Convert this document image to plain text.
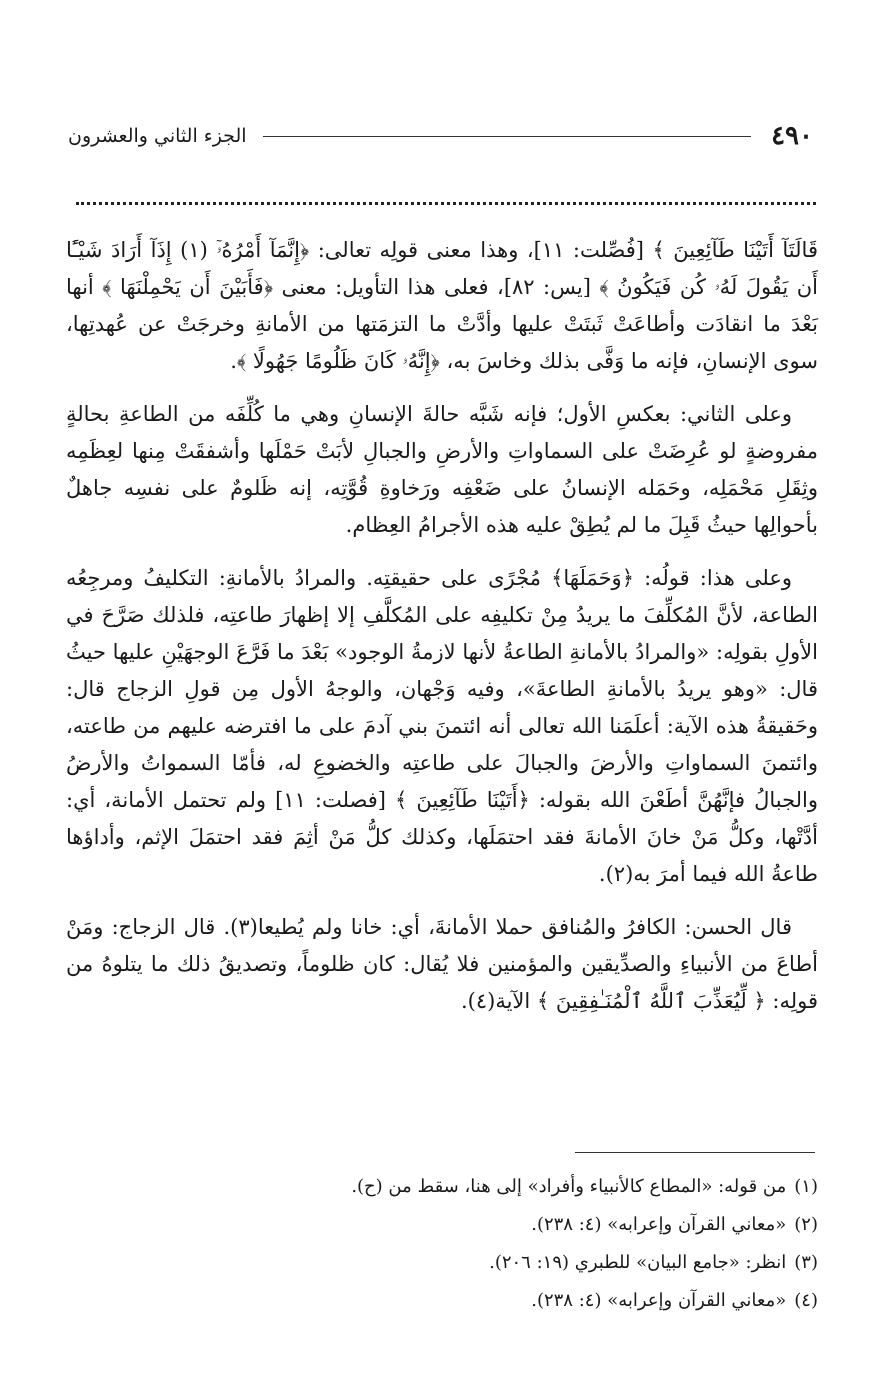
٤٩٠
الجزء الثاني والعشرون

قَالَتَآ أَتَيْنَا طَآئِعِينَ ﴾ [فُصِّلت: ١١]، وهذا معنى قولِه تعالى: ﴿إِنَّمَآ أَمْرُهُۥٓ (١) إِذَآ أَرَادَ شَيْـًٔا أَن يَقُولَ لَهُۥ كُن فَيَكُونُ ﴾ [يس: ٨٢]، فعلى هذا التأويل: معنى ﴿فَأَبَيْنَ أَن يَحْمِلْنَهَا ﴾ أنها بَعْدَ ما انقادَت وأطاعَتْ ثَبتَتْ عليها وأدَّتْ ما التزمَتها من الأمانةِ وخرجَتْ عن عُهدتِها، سوى الإنسانِ، فإنه ما وَفَّى بذلك وخاسَ به، ﴿إِنَّهُۥ كَانَ ظَلُومًا جَهُولًا ﴾.

وعلى الثاني: بعكسِ الأول؛ فإنه شَبَّه حالةَ الإنسانِ وهي ما كُلِّفَه من الطاعةِ بحالةٍ مفروضةٍ لو عُرِضَتْ على السماواتِ والأرضِ والجبالِ لأبَتْ حَمْلَها وأشفقَتْ مِنها لعِظَمِه وثِقَلِ مَحْمَلِه، وحَمَله الإنسانُ على ضَعْفِه ورَخاوةِ قُوَّتِه، إنه ظَلومٌ على نفسِه جاهلٌ بأحوالِها حيثُ قَبِلَ ما لم يُطِقْ عليه هذه الأجرامُ العِظام.

وعلى هذا: قولُه: ﴿وَحَمَلَهَا﴾ مُجْرًى على حقيقتِه. والمرادُ بالأمانةِ: التكليفُ ومرجِعُه الطاعة، لأنَّ المُكلِّفَ ما يريدُ مِنْ تكليفِه على المُكلَّفِ إلا إظهارَ طاعتِه، فلذلك صَرَّحَ في الأولِ بقولِه: «والمرادُ بالأمانةِ الطاعةُ لأنها لازمةُ الوجود» بَعْدَ ما فَرَّعَ الوجهَيْنِ عليها حيثُ قال: «وهو يريدُ بالأمانةِ الطاعةَ»، وفيه وَجْهان، والوجهُ الأول مِن قولِ الزجاج قال: وحَقيقةُ هذه الآية: أعلَمَنا الله تعالى أنه ائتمنَ بني آدمَ على ما افترضه عليهم من طاعته، وائتمنَ السماواتِ والأرضَ والجبالَ على طاعتِه والخضوعِ له، فأمّا السمواتُ والأرضُ والجبالُ فإنَّهُنَّ أطَعْنَ الله بقوله: ﴿أَتَيْنَا طَآئِعِينَ ﴾ [فصلت: ١١] ولم تحتمل الأمانة، أي: أدَّتْها، وكلُّ مَنْ خانَ الأمانةَ فقد احتمَلَها، وكذلك كلُّ مَنْ أثِمَ فقد احتمَلَ الإثم، وأداؤها طاعةُ الله فيما أمرَ به(٢).

قال الحسن: الكافرُ والمُنافق حملا الأمانةَ، أي: خانا ولم يُطيعا(٣). قال الزجاج: ومَنْ أطاعَ من الأنبياءِ والصدِّيقين والمؤمنين فلا يُقال: كان ظلوماً، وتصديقُ ذلك ما يتلوهُ من قولِه: ﴿ لِّيُعَذِّبَ ٱللَّهُ ٱلْمُنَـٰفِقِينَ ﴾ الآية(٤).

(١)
من قوله: «المطاع كالأنبياء وأفراد» إلى هنا، سقط من (ح).
(٢)
«معاني القرآن وإعرابه» (٤: ٢٣٨).
(٣)
انظر: «جامع البيان» للطبري (١٩: ٢٠٦).
(٤)
«معاني القرآن وإعرابه» (٤: ٢٣٨).
